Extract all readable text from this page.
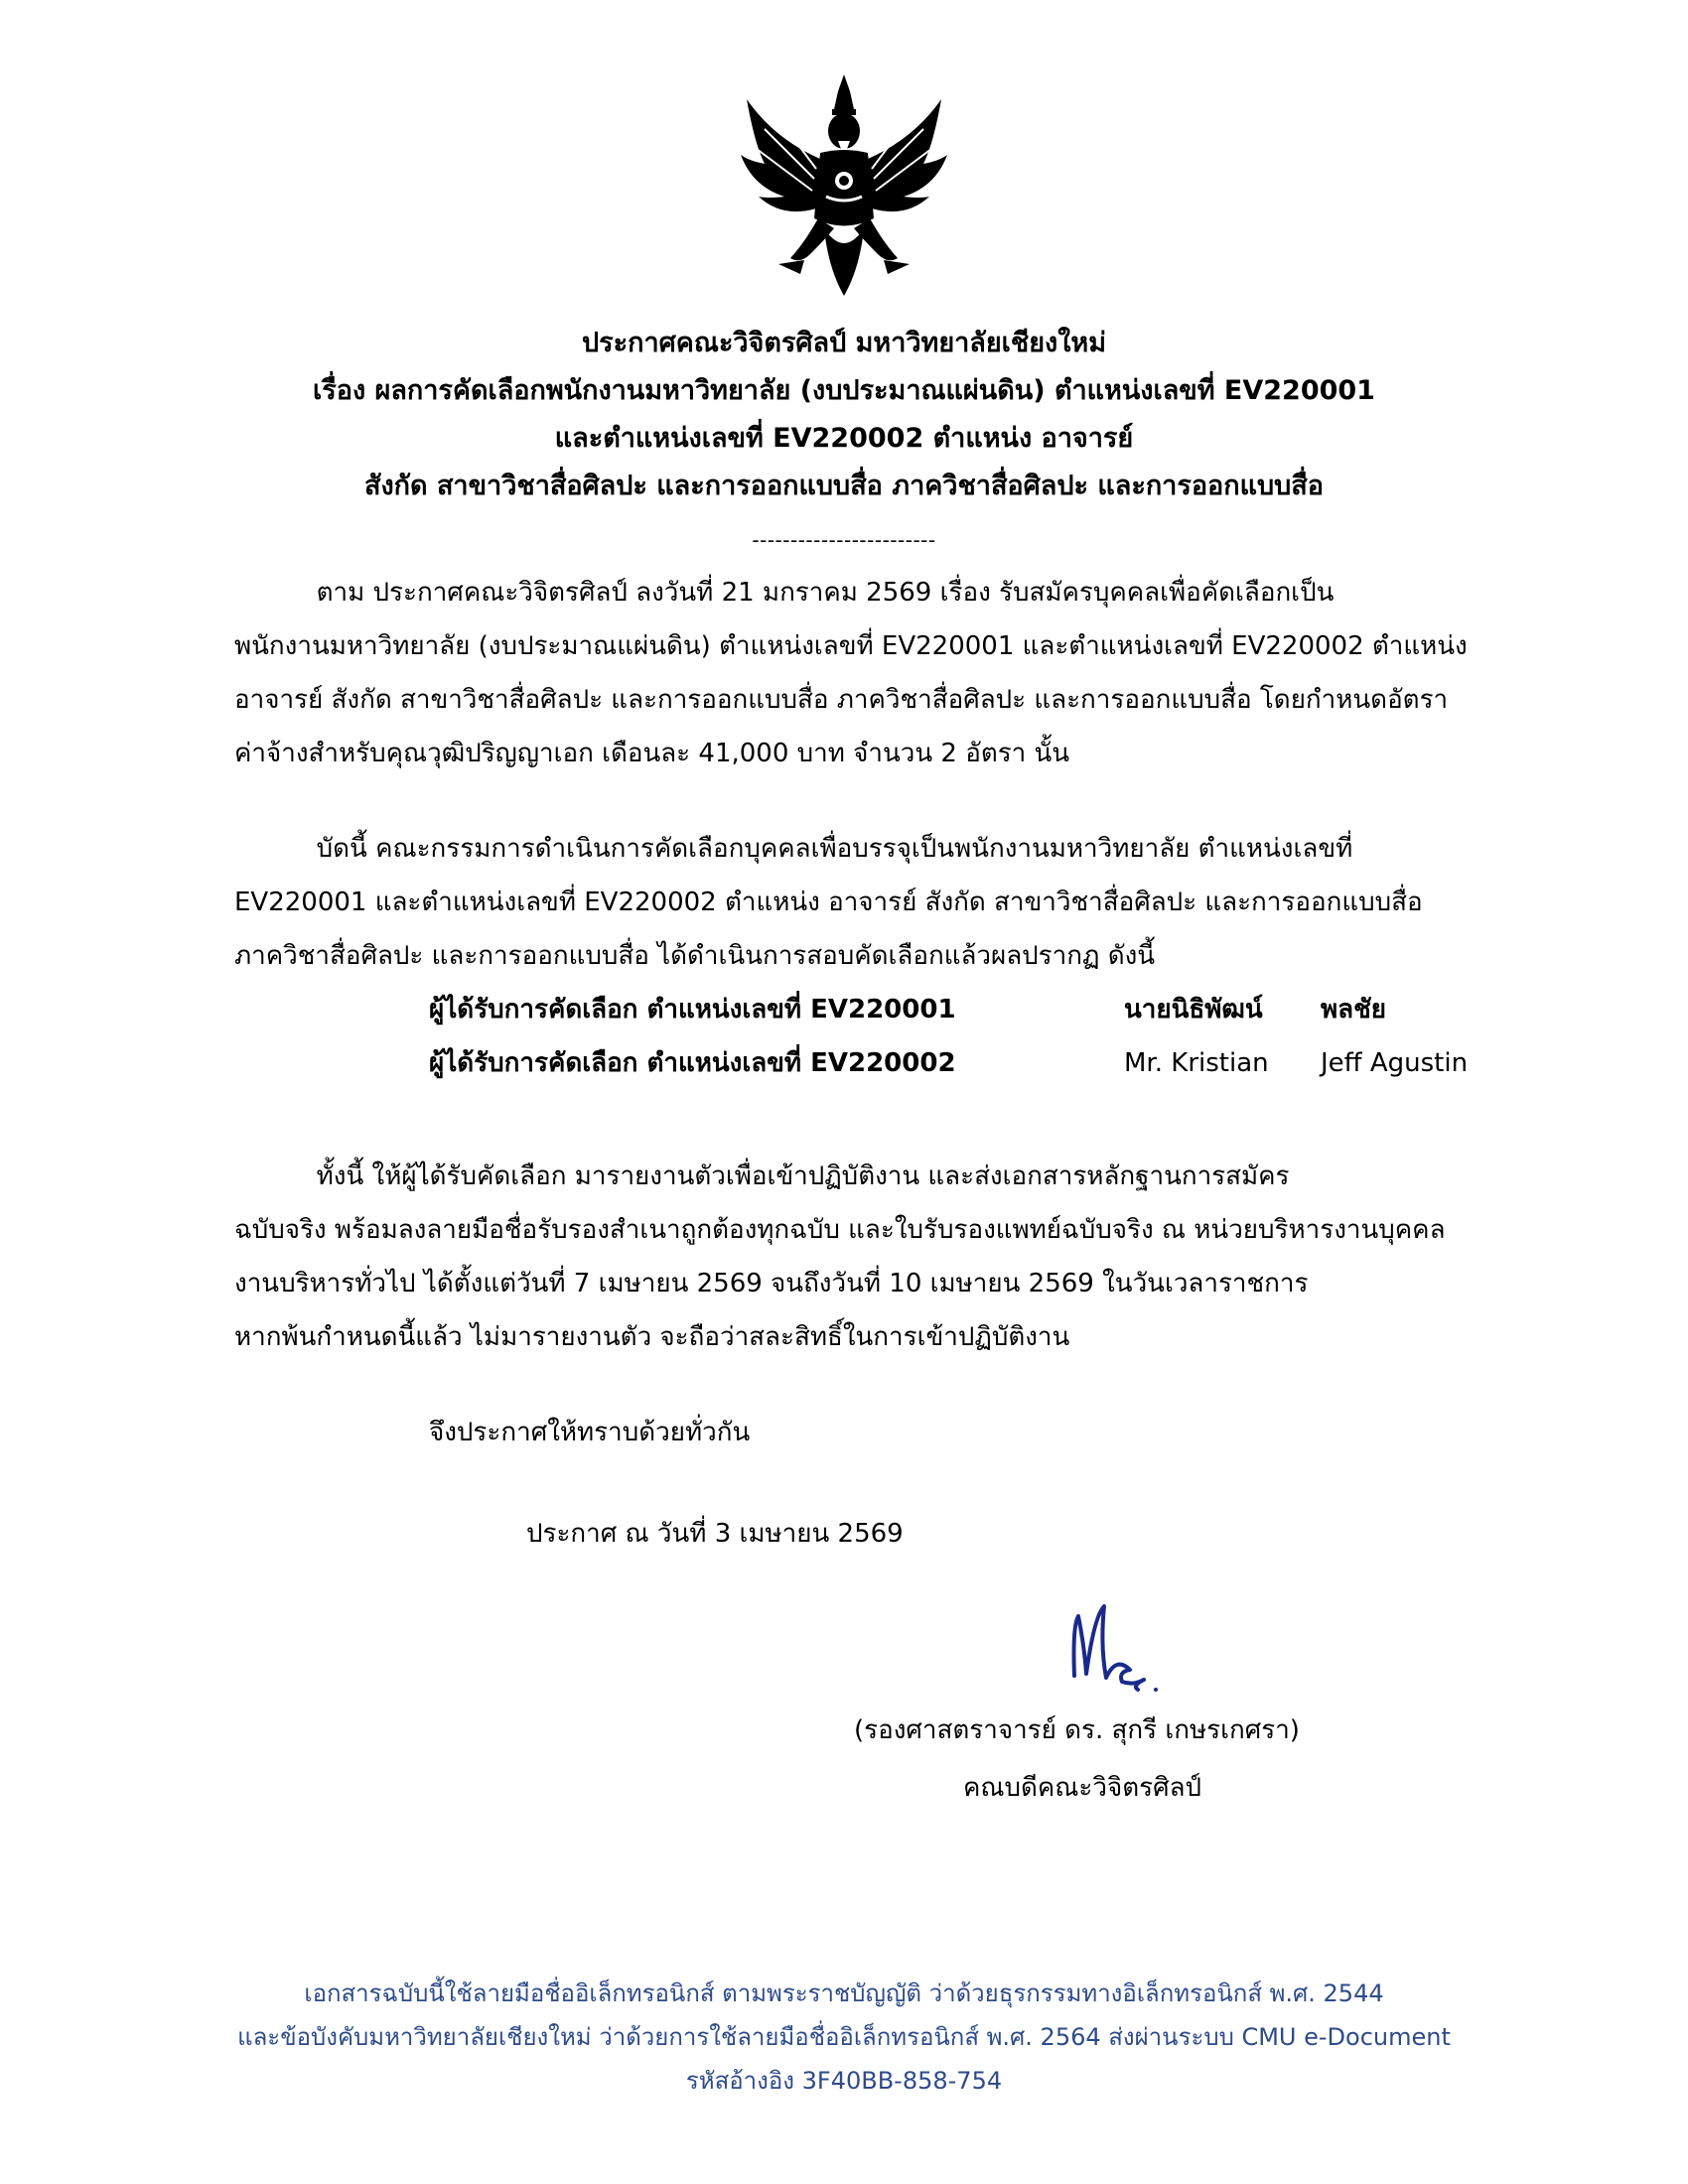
ประกาศคณะวิจิตรศิลป์ มหาวิทยาลัยเชียงใหม่
เรื่อง ผลการคัดเลือกพนักงานมหาวิทยาลัย (งบประมาณแผ่นดิน) ตำแหน่งเลขที่ EV220001
และตำแหน่งเลขที่ EV220002 ตำแหน่ง อาจารย์
สังกัด สาขาวิชาสื่อศิลปะ และการออกแบบสื่อ ภาควิชาสื่อศิลปะ และการออกแบบสื่อ
------------------------
ตาม ประกาศคณะวิจิตรศิลป์ ลงวันที่ 21 มกราคม 2569 เรื่อง รับสมัครบุคคลเพื่อคัดเลือกเป็น
พนักงานมหาวิทยาลัย (งบประมาณแผ่นดิน) ตำแหน่งเลขที่ EV220001 และตำแหน่งเลขที่ EV220002 ตำแหน่ง
อาจารย์ สังกัด สาขาวิชาสื่อศิลปะ และการออกแบบสื่อ ภาควิชาสื่อศิลปะ และการออกแบบสื่อ โดยกำหนดอัตรา
ค่าจ้างสำหรับคุณวุฒิปริญญาเอก เดือนละ 41,000 บาท จำนวน 2 อัตรา นั้น
บัดนี้ คณะกรรมการดำเนินการคัดเลือกบุคคลเพื่อบรรจุเป็นพนักงานมหาวิทยาลัย ตำแหน่งเลขที่
EV220001 และตำแหน่งเลขที่ EV220002 ตำแหน่ง อาจารย์ สังกัด สาขาวิชาสื่อศิลปะ และการออกแบบสื่อ
ภาควิชาสื่อศิลปะ และการออกแบบสื่อ ได้ดำเนินการสอบคัดเลือกแล้วผลปรากฏ ดังนี้
ผู้ได้รับการคัดเลือก ตำแหน่งเลขที่ EV220001	นายนิธิพัฒน์ พลชัย
ผู้ได้รับการคัดเลือก ตำแหน่งเลขที่ EV220002	Mr. Kristian Jeff Agustin
ทั้งนี้ ให้ผู้ได้รับคัดเลือก มารายงานตัวเพื่อเข้าปฏิบัติงาน และส่งเอกสารหลักฐานการสมัคร
ฉบับจริง พร้อมลงลายมือชื่อรับรองสำเนาถูกต้องทุกฉบับ และใบรับรองแพทย์ฉบับจริง ณ หน่วยบริหารงานบุคคล
งานบริหารทั่วไป ได้ตั้งแต่วันที่ 7 เมษายน 2569 จนถึงวันที่ 10 เมษายน 2569 ในวันเวลาราชการ
หากพ้นกำหนดนี้แล้ว ไม่มารายงานตัว จะถือว่าสละสิทธิ์ในการเข้าปฏิบัติงาน
จึงประกาศให้ทราบด้วยทั่วกัน
ประกาศ ณ วันที่ 3 เมษายน 2569
(รองศาสตราจารย์ ดร. สุกรี เกษรเกศรา)
คณบดีคณะวิจิตรศิลป์
เอกสารฉบับนี้ใช้ลายมือชื่ออิเล็กทรอนิกส์ ตามพระราชบัญญัติ ว่าด้วยธุรกรรมทางอิเล็กทรอนิกส์ พ.ศ. 2544
และข้อบังคับมหาวิทยาลัยเชียงใหม่ ว่าด้วยการใช้ลายมือชื่ออิเล็กทรอนิกส์ พ.ศ. 2564 ส่งผ่านระบบ CMU e-Document
รหัสอ้างอิง 3F40BB-858-754
